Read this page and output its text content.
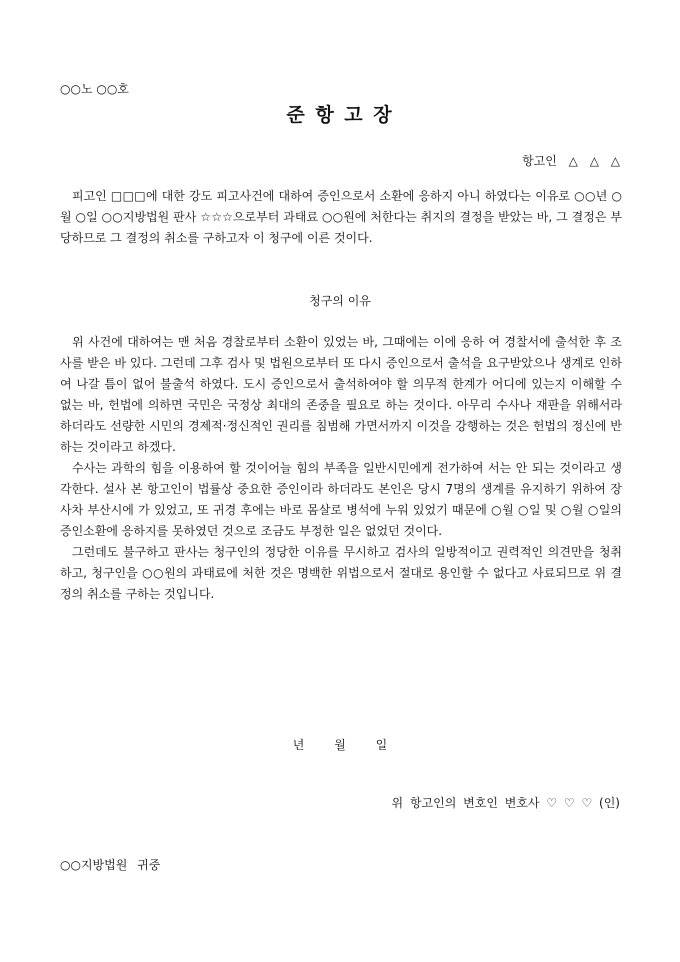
○○노 ○○호
준 항 고 장
항고인 △ △ △
피고인 □□□에 대한 강도 피고사건에 대하여 증인으로서 소환에 응하지 아니 하였다는 이유로 ○○년 ○월 ○일 ○○지방법원 판사 ☆☆☆으로부터 과태료 ○○원에 처한다는 취지의 결정을 받았는 바, 그 결정은 부당하므로 그 결정의 취소를 구하고자 이 청구에 이른 것이다.
청구의 이유

위 사건에 대하여는 맨 처음 경찰로부터 소환이 있었는 바, 그때에는 이에 응하 여 경찰서에 출석한 후 조사를 받은 바 있다. 그런데 그후 검사 및 법원으로부터 또 다시 증인으로서 출석을 요구받았으나 생계로 인하여 나갈 틈이 없어 불출석 하였다. 도시 증인으로서 출석하여야 할 의무적 한계가 어디에 있는지 이해할 수 없는 바, 헌법에 의하면 국민은 국정상 최대의 존중을 필요로 하는 것이다. 아무리 수사나 재판을 위해서라 하더라도 선량한 시민의 경제적·정신적인 권리를 침범해 가면서까지 이것을 강행하는 것은 헌법의 정신에 반하는 것이라고 하겠다.

수사는 과학의 힘을 이용하여 할 것이어늘 힘의 부족을 일반시민에게 전가하여 서는 안 되는 것이라고 생각한다. 설사 본 항고인이 법률상 중요한 증인이라 하더라도 본인은 당시 7명의 생계를 유지하기 위하여 장사차 부산시에 가 있었고, 또 귀경 후에는 바로 몸살로 병석에 누워 있었기 때문에 ○월 ○일 및 ○월 ○일의 증인소환에 응하지를 못하였던 것으로 조금도 부정한 일은 없었던 것이다.

그런데도 불구하고 판사는 청구인의 정당한 이유를 무시하고 검사의 일방적이고 권력적인 의견만을 청취하고, 청구인을 ○○원의 과태료에 처한 것은 명백한 위법으로서 절대로 용인할 수 없다고 사료되므로 위 결정의 취소를 구하는 것입니다.

년 월 일
위 항고인의 변호인 변호사 ♡ ♡ ♡ (인)
○○지방법원 귀중
